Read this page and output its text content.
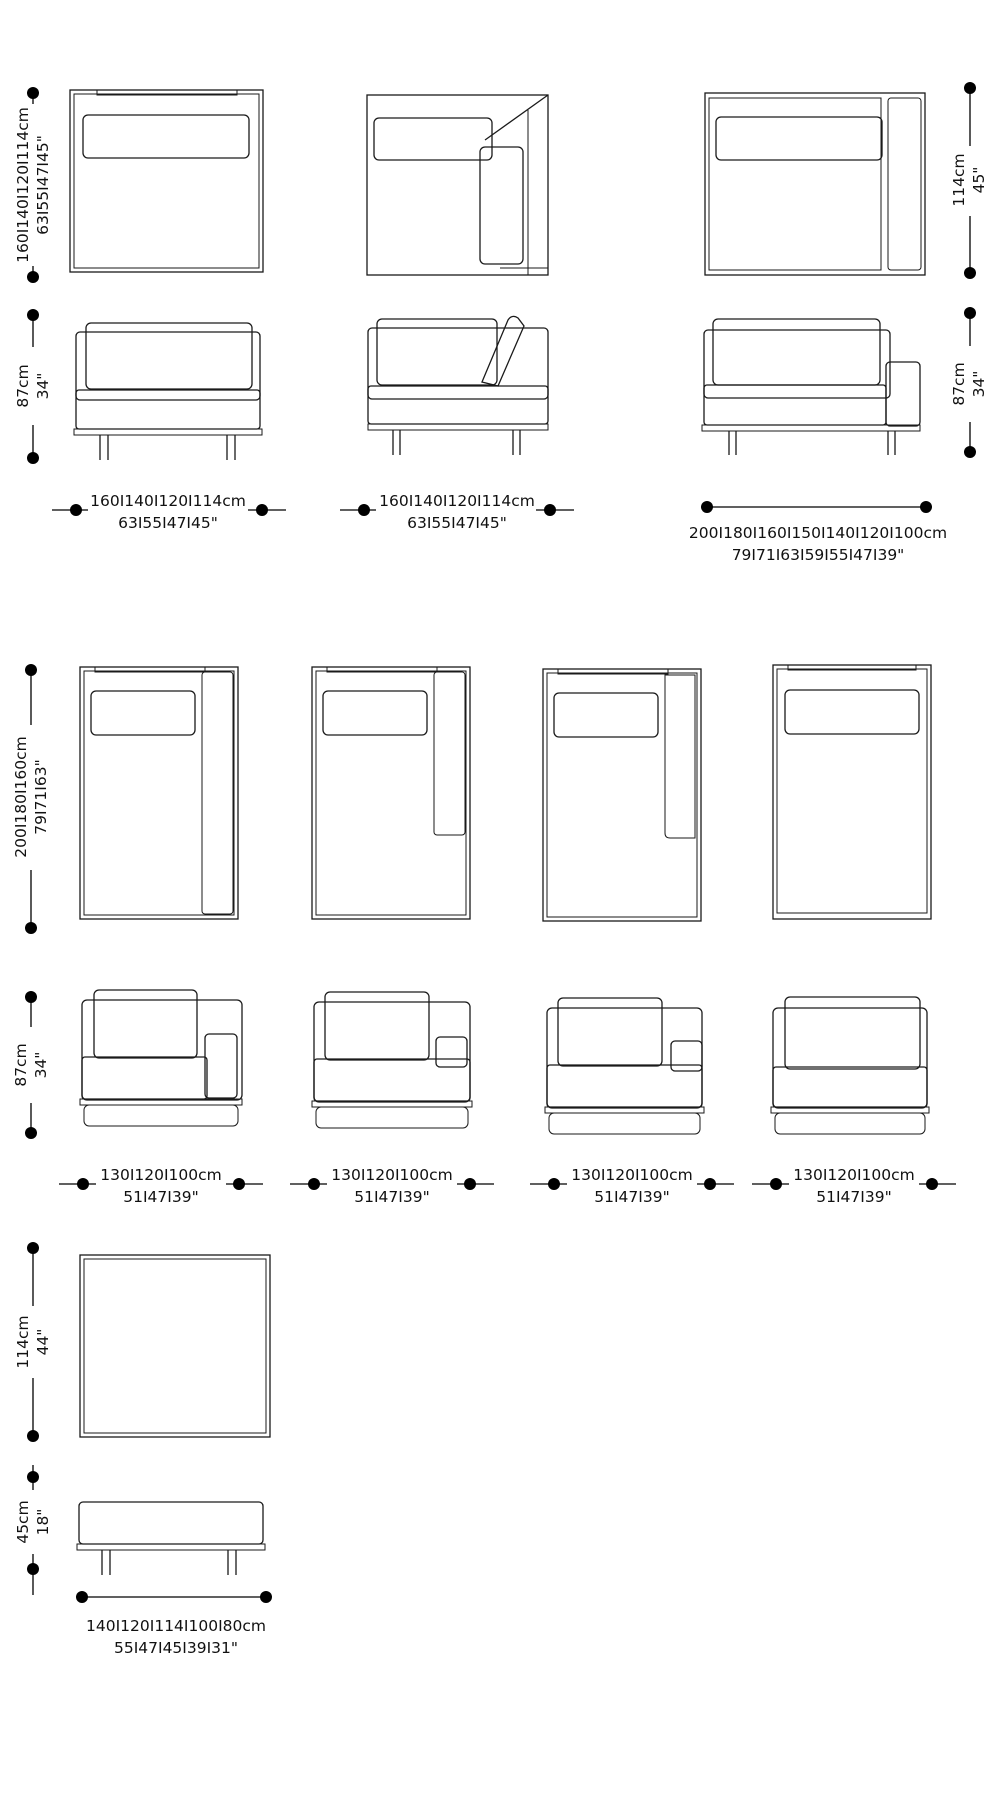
160I140I120I114cm 63I55I47I45"
87cm 34"
160I140I120I114cm
63I55I47I45"
160I140I120I114cm
63I55I47I45"
200I180I160I150I140I120I100cm
79I71I63I59I55I47I39"
114cm 45"
87cm 34"
200I180I160cm 79I71I63"
87cm 34"
130I120I100cm
51I47I39"
130I120I100cm
51I47I39"
130I120I100cm
51I47I39"
130I120I100cm
51I47I39"
114cm 44"
45cm 18"
140I120I114I100I80cm
55I47I45I39I31"
